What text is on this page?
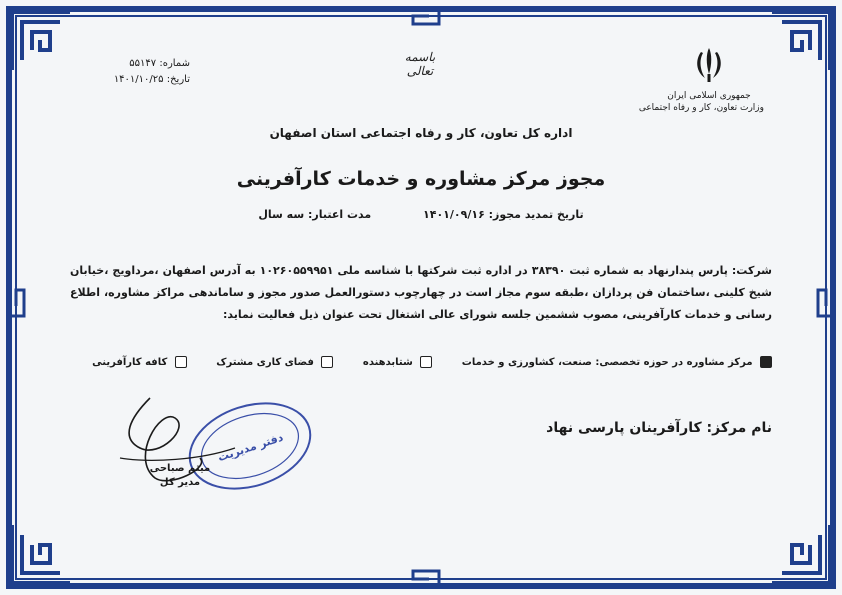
جمهوری اسلامی ایران
وزارت تعاون، کار و رفاه اجتماعی
باسمه تعالی
شماره: ۵۵۱۴۷
تاریخ: ۱۴۰۱/۱۰/۲۵
اداره کل تعاون، کار و رفاه اجتماعی استان اصفهان
مجوز مرکز مشاوره و خدمات کارآفرینی
تاریخ تمدید مجوز: ۱۴۰۱/۰۹/۱۶ مدت اعتبار: سه سال
شرکت: پارس پندارنهاد به شماره ثبت ۳۸۳۹۰ در اداره ثبت شرکتها با شناسه ملی ۱۰۲۶۰۵۵۹۹۵۱ به آدرس اصفهان ،مرداویج ،خیابان شیخ کلینی ،ساختمان فن پردازان ،طبقه سوم مجاز است در چهارچوب دستورالعمل صدور مجوز و ساماندهی مراکز مشاوره، اطلاع رسانی و خدمات کارآفرینی، مصوب ششمین جلسه شورای عالی اشتغال تحت عنوان ذیل فعالیت نماید:
مرکز مشاوره در حوزه تخصصی: صنعت، کشاورزی و خدمات  شتابدهنده  فضای کاری مشترک  کافه کارآفرینی
نام مرکز: کارآفرینان پارسی نهاد
دفتر مدیریت
میثم صباحی
مدیر کل
